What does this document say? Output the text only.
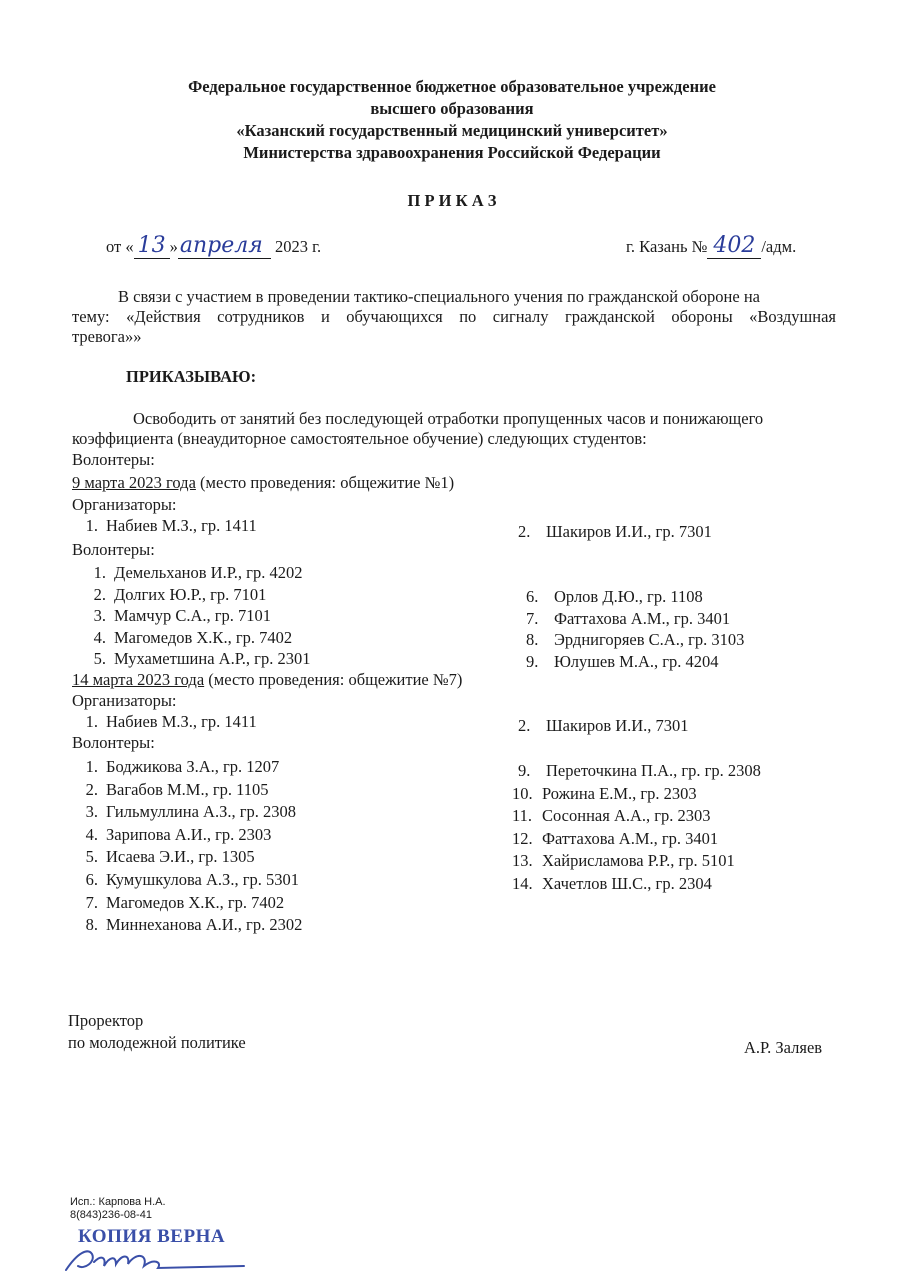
Федеральное государственное бюджетное образовательное учреждение
высшего образования
«Казанский государственный медицинский университет»
Министерства здравоохранения Российской Федерации
П Р И К А З
от « 13 »апреля 2023 г.	г. Казань № 402 /адм.
В связи с участием в проведении тактико-специального учения по гражданской обороне на
тему: «Действия сотрудников и обучающихся по сигналу гражданской обороны «Воздушная
тревога»»
ПРИКАЗЫВАЮ:
Освободить от занятий без последующей отработки пропущенных часов и понижающего
коэффициента (внеаудиторное самостоятельное обучение) следующих студентов:
Волонтеры:
9 марта 2023 года (место проведения: общежитие №1)
Организаторы:
1. Набиев М.З., гр. 1411	2. Шакиров И.И., гр. 7301
Волонтеры:
1. Демельханов И.Р., гр. 4202
2. Долгих Ю.Р., гр. 7101
3. Мамчур С.А., гр. 7101
4. Магомедов Х.К., гр. 7402
5. Мухаметшина А.Р., гр. 2301
6. Орлов Д.Ю., гр. 1108
7. Фаттахова А.М., гр. 3401
8. Эрднигоряев С.А., гр. 3103
9. Юлушев М.А., гр. 4204
14 марта 2023 года (место проведения: общежитие №7)
Организаторы:
1. Набиев М.З., гр. 1411	2. Шакиров И.И., 7301
Волонтеры:
1. Боджикова З.А., гр. 1207
2. Вагабов М.М., гр. 1105
3. Гильмуллина А.З., гр. 2308
4. Зарипова А.И., гр. 2303
5. Исаева Э.И., гр. 1305
6. Кумушкулова А.З., гр. 5301
7. Магомедов Х.К., гр. 7402
8. Миннеханова А.И., гр. 2302
9. Переточкина П.А., гр. гр. 2308
10. Рожина Е.М., гр. 2303
11. Сосонная А.А., гр. 2303
12. Фаттахова А.М., гр. 3401
13. Хайрисламова Р.Р., гр. 5101
14. Хачетлов Ш.С., гр. 2304
Проректор
по молодежной политике	А.Р. Заляев
Исп.: Карпова Н.А.
8(843)236-08-41
КОПИЯ ВЕРНА
